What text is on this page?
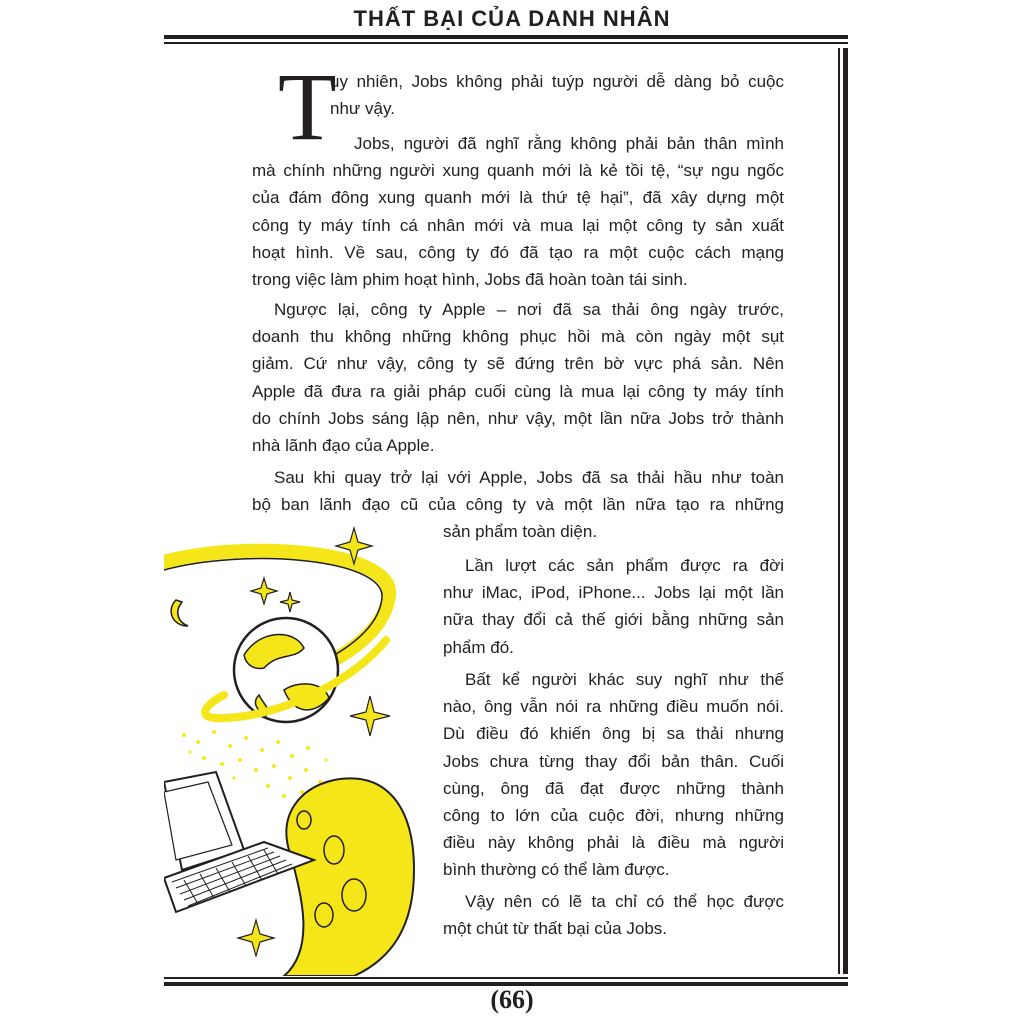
THẤT BẠI CỦA DANH NHÂN
T
uy nhiên, Jobs không phải tuýp người dễ dàng bỏ cuộc
như vậy.
Jobs, người đã nghĩ rằng không phải bản thân mình
mà chính những người xung quanh mới là kẻ tồi tệ, “sự ngu ngốc
của đám đông xung quanh mới là thứ tệ hại”, đã xây dựng một
công ty máy tính cá nhân mới và mua lại một công ty sản xuất
hoạt hình. Về sau, công ty đó đã tạo ra một cuộc cách mạng
trong việc làm phim hoạt hình, Jobs đã hoàn toàn tái sinh.
Ngược lại, công ty Apple – nơi đã sa thải ông ngày trước,
doanh thu không những không phục hồi mà còn ngày một sụt
giảm. Cứ như vậy, công ty sẽ đứng trên bờ vực phá sản. Nên
Apple đã đưa ra giải pháp cuối cùng là mua lại công ty máy tính
do chính Jobs sáng lập nên, như vậy, một lần nữa Jobs trở thành
nhà lãnh đạo của Apple.
Sau khi quay trở lại với Apple, Jobs đã sa thải hầu như toàn
bộ ban lãnh đạo cũ của công ty và một lần nữa tạo ra những
sản phẩm toàn diện.
Lần lượt các sản phẩm được ra đời
như iMac, iPod, iPhone... Jobs lại một lần
nữa thay đổi cả thế giới bằng những sản
phẩm đó.
Bất kể người khác suy nghĩ như thế
nào, ông vẫn nói ra những điều muốn nói.
Dù điều đó khiến ông bị sa thải nhưng
Jobs chưa từng thay đổi bản thân. Cuối
cùng, ông đã đạt được những thành
công to lớn của cuộc đời, nhưng những
điều này không phải là điều mà người
bình thường có thể làm được.
Vậy nên có lẽ ta chỉ có thể học được
một chút từ thất bại của Jobs.
(66)
